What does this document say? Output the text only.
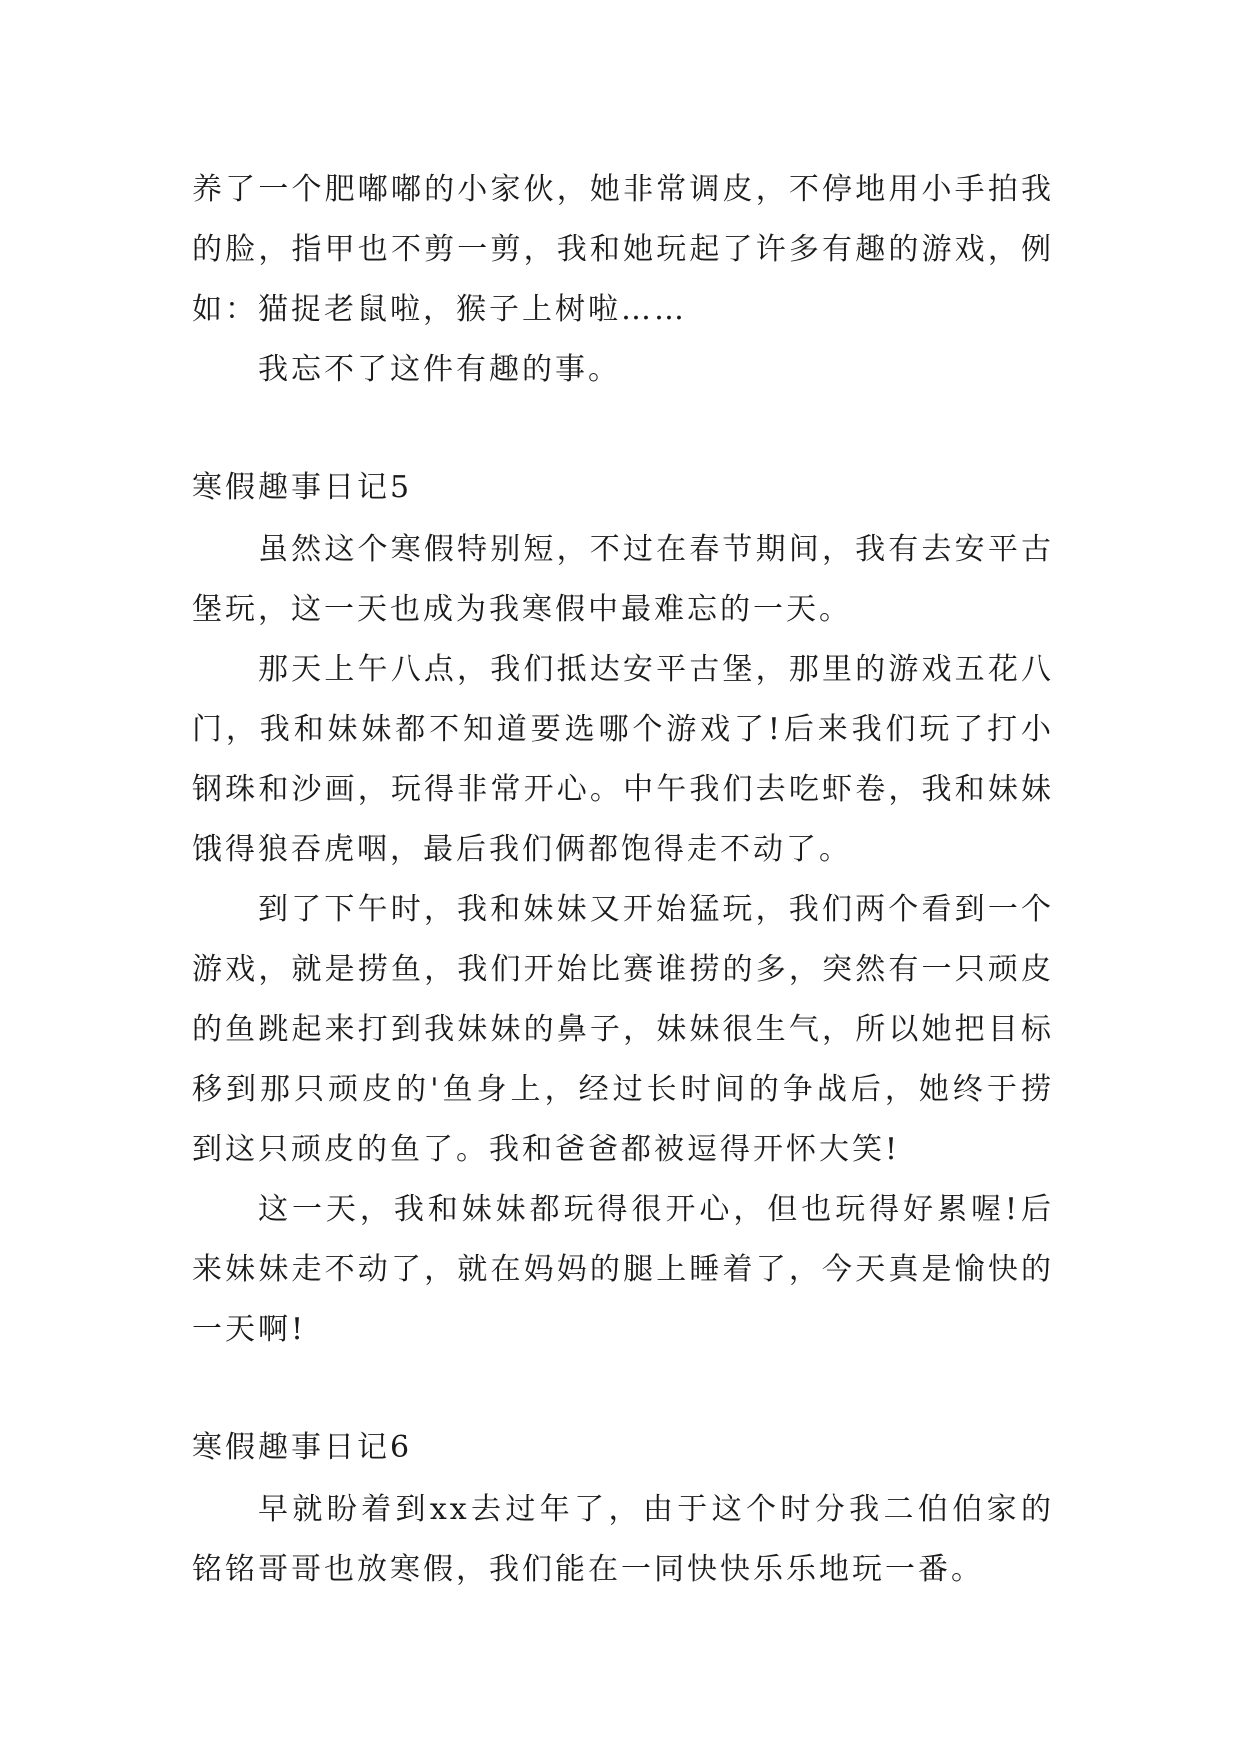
养了一个肥嘟嘟的小家伙，她非常调皮，不停地用小手拍我的脸，指甲也不剪一剪，我和她玩起了许多有趣的游戏，例如：猫捉老鼠啦，猴子上树啦……

我忘不了这件有趣的事。

寒假趣事日记5

虽然这个寒假特别短，不过在春节期间，我有去安平古堡玩，这一天也成为我寒假中最难忘的一天。

那天上午八点，我们抵达安平古堡，那里的游戏五花八门，我和妹妹都不知道要选哪个游戏了!后来我们玩了打小钢珠和沙画，玩得非常开心。中午我们去吃虾卷，我和妹妹饿得狼吞虎咽，最后我们俩都饱得走不动了。

到了下午时，我和妹妹又开始猛玩，我们两个看到一个游戏，就是捞鱼，我们开始比赛谁捞的多，突然有一只顽皮的鱼跳起来打到我妹妹的鼻子，妹妹很生气，所以她把目标移到那只顽皮的'鱼身上，经过长时间的争战后，她终于捞到这只顽皮的鱼了。我和爸爸都被逗得开怀大笑!

这一天，我和妹妹都玩得很开心，但也玩得好累喔!后来妹妹走不动了，就在妈妈的腿上睡着了，今天真是愉快的一天啊!

寒假趣事日记6

早就盼着到xx去过年了，由于这个时分我二伯伯家的铭铭哥哥也放寒假，我们能在一同快快乐乐地玩一番。
